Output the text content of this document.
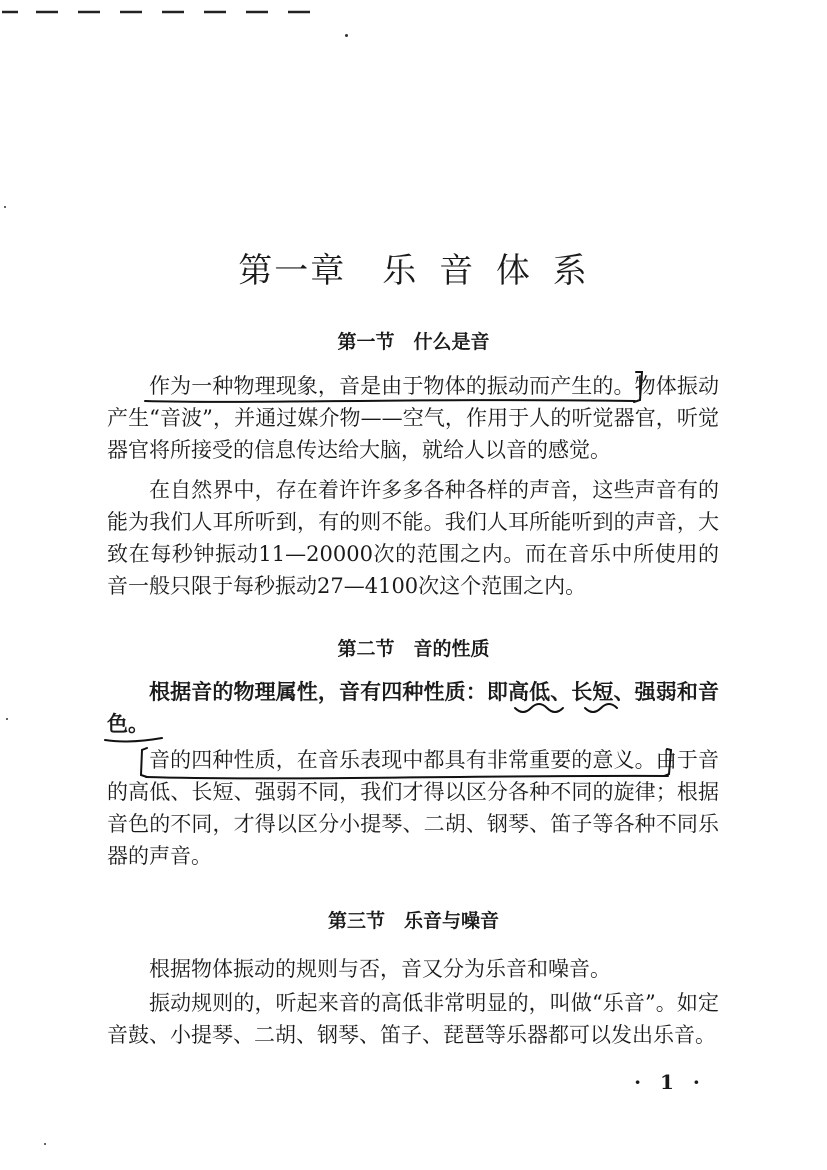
第一章　乐 音 体 系
第一节　什么是音
作为一种物理现象，音是由于物体的振动而产生的。物体振动产生“音波”，并通过媒介物——空气，作用于人的听觉器官，听觉器官将所接受的信息传达给大脑，就给人以音的感觉。
在自然界中，存在着许许多多各种各样的声音，这些声音有的能为我们人耳所听到，有的则不能。我们人耳所能听到的声音，大致在每秒钟振动11—20000次的范围之内。而在音乐中所使用的音一般只限于每秒振动27—4100次这个范围之内。
第二节　音的性质
根据音的物理属性，音有四种性质：即高低、长短、强弱和音色。
音的四种性质，在音乐表现中都具有非常重要的意义。由于音的高低、长短、强弱不同，我们才得以区分各种不同的旋律；根据音色的不同，才得以区分小提琴、二胡、钢琴、笛子等各种不同乐器的声音。
第三节　乐音与噪音
根据物体振动的规则与否，音又分为乐音和噪音。
振动规则的，听起来音的高低非常明显的，叫做“乐音”。如定音鼓、小提琴、二胡、钢琴、笛子、琵琶等乐器都可以发出乐音。
· 1 ·
